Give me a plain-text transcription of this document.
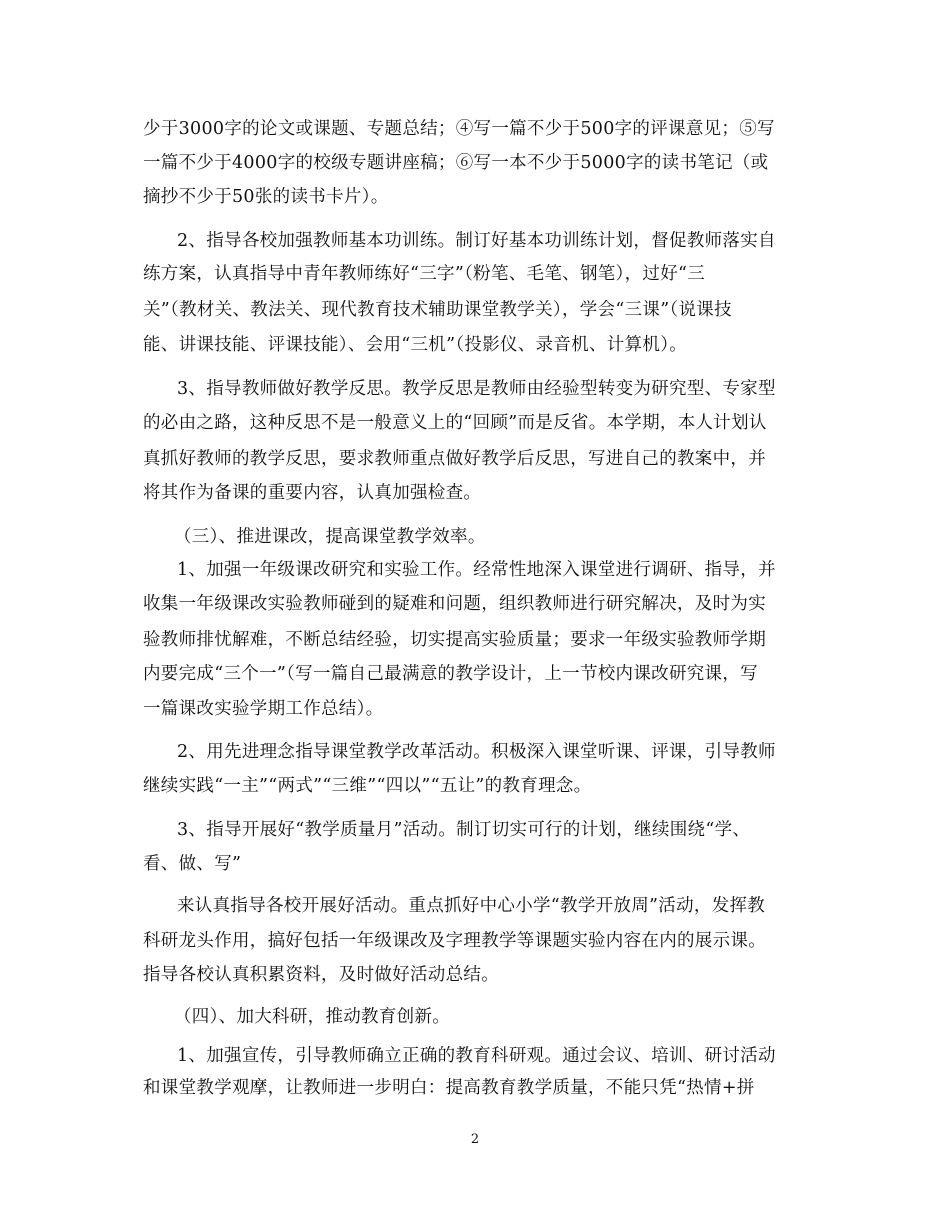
少于3000字的论文或课题、专题总结；④写一篇不少于500字的评课意见；⑤写
一篇不少于4000字的校级专题讲座稿；⑥写一本不少于5000字的读书笔记（或
摘抄不少于50张的读书卡片）。
2、指导各校加强教师基本功训练。制订好基本功训练计划，督促教师落实自
练方案，认真指导中青年教师练好“三字”（粉笔、毛笔、钢笔），过好“三
关”（教材关、教法关、现代教育技术辅助课堂教学关），学会“三课”（说课技
能、讲课技能、评课技能）、会用“三机”（投影仪、录音机、计算机）。
3、指导教师做好教学反思。教学反思是教师由经验型转变为研究型、专家型
的必由之路，这种反思不是一般意义上的“回顾”而是反省。本学期，本人计划认
真抓好教师的教学反思，要求教师重点做好教学后反思，写进自己的教案中，并
将其作为备课的重要内容，认真加强检查。
（三）、推进课改，提高课堂教学效率。
1、加强一年级课改研究和实验工作。经常性地深入课堂进行调研、指导，并
收集一年级课改实验教师碰到的疑难和问题，组织教师进行研究解决，及时为实
验教师排忧解难，不断总结经验，切实提高实验质量；要求一年级实验教师学期
内要完成“三个一”（写一篇自己最满意的教学设计，上一节校内课改研究课，写
一篇课改实验学期工作总结）。
2、用先进理念指导课堂教学改革活动。积极深入课堂听课、评课，引导教师
继续实践“一主”“两式”“三维”“四以”“五让”的教育理念。
3、指导开展好“教学质量月”活动。制订切实可行的计划，继续围绕“学、
看、做、写”
来认真指导各校开展好活动。重点抓好中心小学“教学开放周”活动，发挥教
科研龙头作用，搞好包括一年级课改及字理教学等课题实验内容在内的展示课。
指导各校认真积累资料，及时做好活动总结。
（四）、加大科研，推动教育创新。
1、加强宣传，引导教师确立正确的教育科研观。通过会议、培训、研讨活动
和课堂教学观摩，让教师进一步明白：提高教育教学质量，不能只凭“热情+拼
2
